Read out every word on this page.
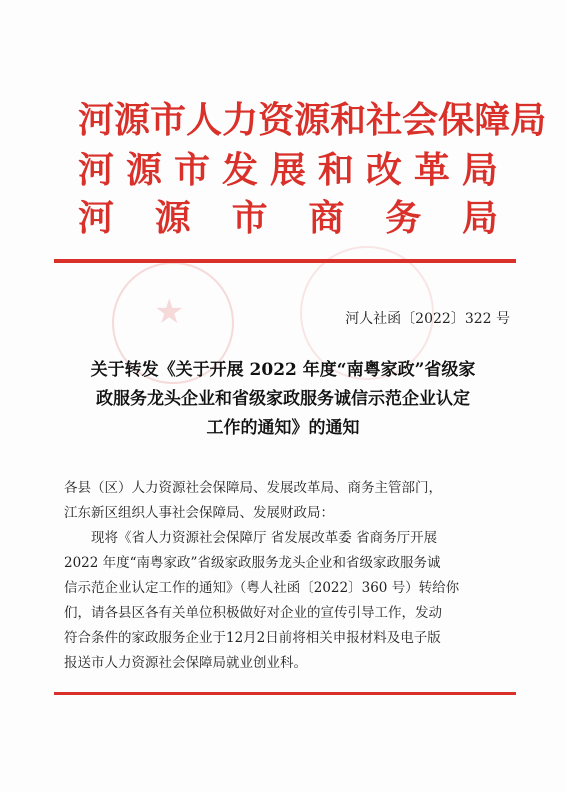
★
河 源 市 人 力 资 源 和 社 会 保 障 局
河 源 市 发 展 和 改 革 局
河 源 市 商 务 局
河人社函〔2022〕322 号
关于转发《关于开展 2022 年度“南粤家政”省级家
政服务龙头企业和省级家政服务诚信示范企业认定
工作的通知》的通知

各县（区）人力资源社会保障局、发展改革局、商务主管部门，

江东新区组织人事社会保障局、发展财政局：

现将《省人力资源社会保障厅 省发展改革委 省商务厅开展

2022 年度“南粤家政”省级家政服务龙头企业和省级家政服务诚

信示范企业认定工作的通知》（粤人社函〔2022〕360 号）转给你

们，请各县区各有关单位积极做好对企业的宣传引导工作，发动

符合条件的家政服务企业于12月2日前将相关申报材料及电子版

报送市人力资源社会保障局就业创业科。
